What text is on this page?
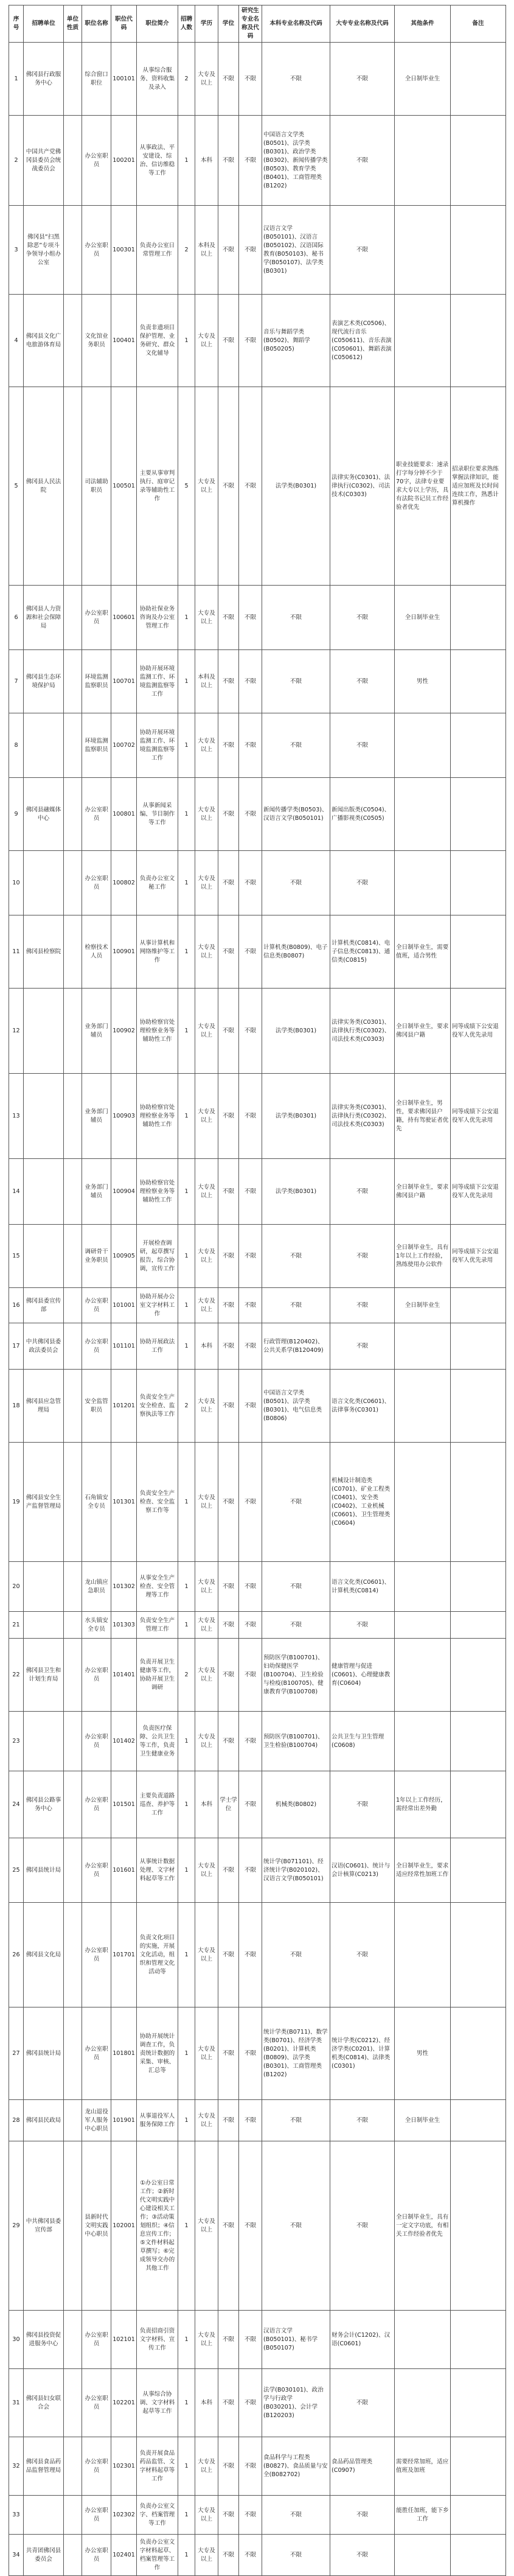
序号	招聘单位	单位性质	职位名称	职位代码	职位简介	招聘人数	学历	学位	研究生专业名称及代码	本科专业名称及代码	大专专业名称及代码	其他条件	备注
1	佛冈县行政服务中心		综合窗口职位	100101	从事综合服务、资料收集及录入	2	大专及以上	不限	不限	不限	不限	全日制毕业生	
2	中国共产党佛冈县委员会统战委员会		办公室职员	100201	从事政法、平安建设、综治、信访维稳等工作	1	本科	不限	不限	中国语言文学类(B0501)、法学类(B0301)、政治学类(B0302)、新闻传播学类(B0503)、教育学类(B0401)、工商管理类(B1202)	不限		
3	佛冈县“扫黑除恶”专项斗争领导小组办公室		办公室职员	100301	负责办公室日常管理工作	2	本科及以上	不限	不限	汉语言文学(B050101)、汉语言(B050102)、汉语国际教育(B050103)、秘书学(B050107)、法学类(B0301)	不限		
4	佛冈县文化广电旅游体育局		文化馆业务职员	100401	负责非遗项目保护管理、业务研究、群众文化辅导	1	大专及以上	不限	不限	音乐与舞蹈学类(B0502)、舞蹈学(B050205)	表演艺术类(C0506)、现代流行音乐(C050611)、音乐表演(C050601)、舞蹈表演(C050612)		
5	佛冈县人民法院		司法辅助职员	100501	主要从事审判执行、庭审记录等辅助性工作	5	大专及以上	不限	不限	法学类(B0301)	法律实务(C0301)、法律执行(C0302)、司法技术(C0303)	职业技能要求：速录打字每分钟不少于70字，法律专业要求大专以上学历，具有法院书记员工作经验者优先	招录职位要求熟练掌握法律知识，能适应加班及长时间连续工作，熟悉计算机操作
6	佛冈县人力资源和社会保障局		办公室职员	100601	协助社保业务咨询及办公室管理工作	1	大专及以上	不限	不限	不限	不限	全日制毕业生	
7	佛冈县生态环境保护局		环境监测监察职员	100701	协助开展环境监测工作、环境监测监察等工作	1	本科及以上	不限	不限	不限	不限	男性	
8			环境监测监察职员	100702	协助开展环境监测工作、环境监测监察等工作	1	大专及以上	不限	不限	不限	不限		
9	佛冈县融媒体中心		办公室职员	100801	从事新闻采编、节目制作等工作	1	大专及以上	不限	不限	新闻传播学类(B0503)、汉语言文学(B050101)	新闻出版类(C0504)、广播影视类(C0505)		
10			办公室职员	100802	负责办公室文秘工作	1	大专及以上	不限	不限	不限	不限		
11	佛冈县检察院		检察技术人员	100901	从事计算机和网络维护等工作	1	大专及以上	不限	不限	计算机类(B0809)、电子信息类(B0807)	计算机类(C0814)、电子信息类(C0813)、通信类(C0815)	全日制毕业生，需要值班，适合男性	
12			业务部门辅员	100902	协助检察官处理检察业务等辅助性工作	1	大专及以上	不限	不限	法学类(B0301)	法律实务类(C0301)、法律执行类(C0302)、司法技术类(C0303)	全日制毕业生，要求佛冈县户籍	同等成绩下公安退役军人优先录用
13			业务部门辅员	100903	协助检察官处理检察业务等辅助性工作	1	大专及以上	不限	不限	法学类(B0301)	法律实务类(C0301)、法律执行类(C0302)、司法技术类(C0303)	全日制毕业生，男性，要求佛冈县户籍，持有驾驶证者优先	同等成绩下公安退役军人优先录用
14			业务部门辅员	100904	协助检察官处理检察业务等辅助性工作	1	大专及以上	不限	不限	法学类(B0301)	不限	全日制毕业生，要求佛冈县户籍	同等成绩下公安退役军人优先录用
15			调研骨干业务职员	100905	开展检查调研，起草撰写报告，综合协调，宣传工作	1	大专及以上	不限	不限	不限	不限	全日制毕业生，具有1年以上工作经验，熟练使用办公软件	同等成绩下公安退役军人优先录用
16	佛冈县委宣传部		办公室职员	101001	协助开展办公室文字材料工作	1	大专及以上	不限	不限	不限	不限	全日制毕业生	
17	中共佛冈县委政法委员会		办公室职员	101101	协助开展政法工作	1	本科	不限	不限	行政管理(B120402)、公共关系学(B120409)	不限		
18	佛冈县应急管理局		安全监管职员	101201	负责安全生产安全检查、监察执法等工作	2	大专及以上	不限	不限	中国语言文学类(B0501)、法学类(B0301)、电气信息类(B0806)	语言文化类(C0601)、法律事务(C0301)		
19	佛冈县安全生产监督管理局		石角镇安全专员	101301	负责安全生产检查、安全监察工作等	1	大专及以上	不限	不限	不限	机械设计制造类(C0701)、矿业工程类(C0401)、安全类(C0402)、工业机械(C0601)、卫生管理类(C0604)		
20			龙山镇应急职员	101302	从事安全生产检查、安全管理等工作	1	大专及以上	不限	不限	不限	语言文化类(C0601)、计算机类(C0814)		
21			水头镇安全专员	101303	负责安全生产管理工作	1	大专及以上	不限	不限	不限	不限		
22	佛冈县卫生和计划生育局		办公室职员	101401	负责开展卫生健康等工作，协助开展卫生调研	2	大专及以上	不限	不限	预防医学(B100701)、妇幼保健医学(B100704)、卫生检验与检疫(B100705)、健康教育学(B100708)	健康管理与促进(C0601)、心理健康教育(C0604)		
23			办公室职员	101402	负责医疗保障、公共卫生等工作，负责卫生健康业务	1	大专及以上	不限	不限	预防医学(B100701)、卫生检验(B100704)	公共卫生与卫生管理(C0608)		
24	佛冈县公路事务中心		办公室职员	101501	主要负责道路巡查、养护等工作	1	本科	学士学位	不限	机械类(B0802)	不限	1年以上工作经历，需经常出差外勤	
25	佛冈县统计局		办公室职员	101601	从事统计数据处理、文字材料起草等工作	1	大专及以上	不限	不限	统计学(B071101)、经济统计学(B020102)、汉语言文学(B050101)	汉语(C0601)、统计与会计核算(C0213)	全日制毕业生，要求适应经常性加班工作	
26	佛冈县文化局		办公室职员	101701	负责文化项目的实施，开展文化活动，组织和管理文化活动等	1	大专及以上	不限	不限	不限	不限		
27	佛冈县统计局		办公室职员	101801	协助开展统计调查工作，负责统计数据的采集、审核、汇总等	1	大专及以上	不限	不限	统计学类(B0711)、数学类(B0701)、经济学类(B0201)、计算机类(B0809)、法学类(B0301)、工商管理类(B1202)	统计学类(C0212)、经济学类(C0201)、计算机类(C0814)、法律类(C0301)	男性	
28	佛冈县民政局		龙山退役军人服务中心职员	101901	从事退役军人服务保障工作	1	大专及以上	不限	不限	不限	不限	全日制毕业生	
29	中共佛冈县委宣传部		县新时代文明实践中心职员	102001	①办公室日常工作；②新时代文明实践中心建设相关工作；③活动策划组织；④信息宣传工作；⑤文件材料起草撰写；⑥完成领导交办的其他工作	1	大专及以上	不限	不限	不限	不限	全日制毕业生，具有一定文字功底，有相关工作经验者优先	
30	佛冈县投资促进服务中心		办公室职员	102101	负责招商引资文字材料、宣传工作	1	大专及以上	不限	不限	汉语言文学(B050101)、秘书学(B050107)	财务会计(C1202)、汉语(C0601)		
31	佛冈县妇女联合会		办公室职员	102201	从事综合协调、文字材料起草等工作	1	本科	不限	不限	法学(B030101)、政治学与行政学(B030201)、会计学(B120203)	不限		
32	佛冈县食品药品监督管理局		办公室职员	102301	负责开展食品药品监管、文字材料起草等工作	1	大专及以上	不限	不限	食品科学与工程类(B0827)、食品质量与安全(B082702)	食品药品管理类(C0907)	需要经常加班，适应值班及加班	
33			办公室职员	102302	负责办公室文字、档案管理等工作	1	大专及以上	不限	不限	不限	不限	能胜任加班，能下乡工作	
34	共青团佛冈县委员会		办公室职员	102401	负责办公室文字材料起草、档案管理等工作	1	大专及以上	不限	不限	不限	不限		
